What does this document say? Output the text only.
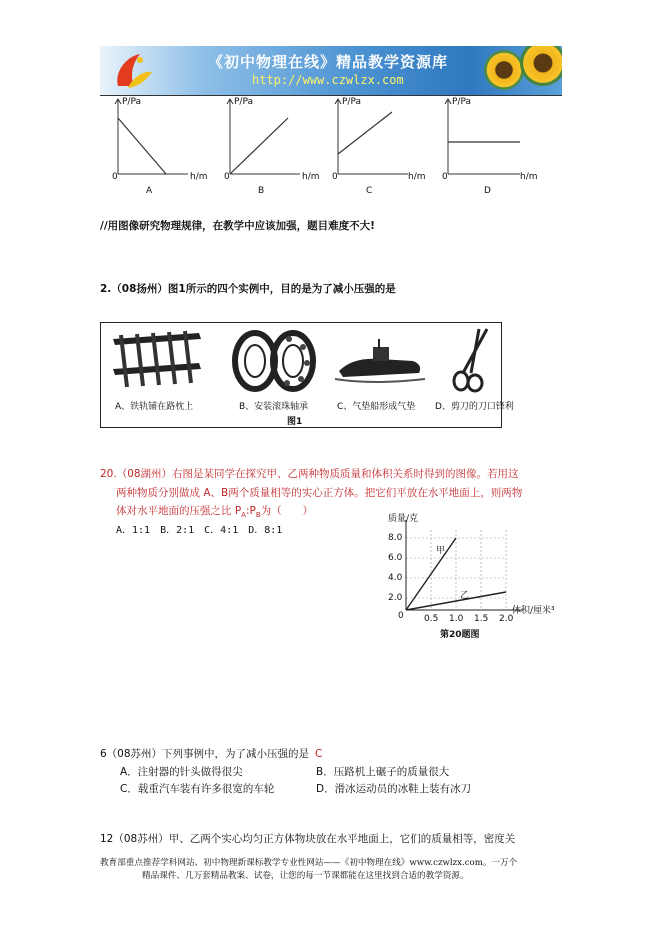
《初中物理在线》精品教学资源库
http://www.czwlzx.com
P/Pa
0	h/m
A
P/Pa
0	h/m
B
P/Pa
0	h/m
C
P/Pa
0	h/m
D
//用图像研究物理规律，在教学中应该加强，题目难度不大!
2.（08扬州）图1所示的四个实例中，目的是为了减小压强的是
A、铁轨铺在路枕上	B、安装滚珠轴承	C、气垫船形成气垫 D、剪刀的刀口锋利
图1
20.（08湖州）右图是某同学在探究甲、乙两种物质质量和体积关系时得到的图像。若用这
两种物质分别做成 A、B两个质量相等的实心正方体。把它们平放在水平地面上，则两物
体对水平地面的压强之比 $P_A:P_B$为（　　）
A．1:1　B．2:1　C．4:1　D．8:1
质量/克
8.0
6.0
4.0
2.0
0 0.5 1.0 1.5 2.0
体积/厘米³
甲
乙
第20题图
6（08苏州）下列事例中，为了减小压强的是 C
A．注射器的针头做得很尖	B．压路机上碾子的质量很大
C．载重汽车装有许多很宽的车轮	D．滑冰运动员的冰鞋上装有冰刀
12（08苏州）甲、乙两个实心均匀正方体物块放在水平地面上，它们的质量相等，密度关
教育部重点推荐学科网站、初中物理新课标教学专业性网站——《初中物理在线》www.czwlzx.com。一万个
精品课件、几万套精品教案、试卷，让您的每一节课都能在这里找到合适的教学资源。
